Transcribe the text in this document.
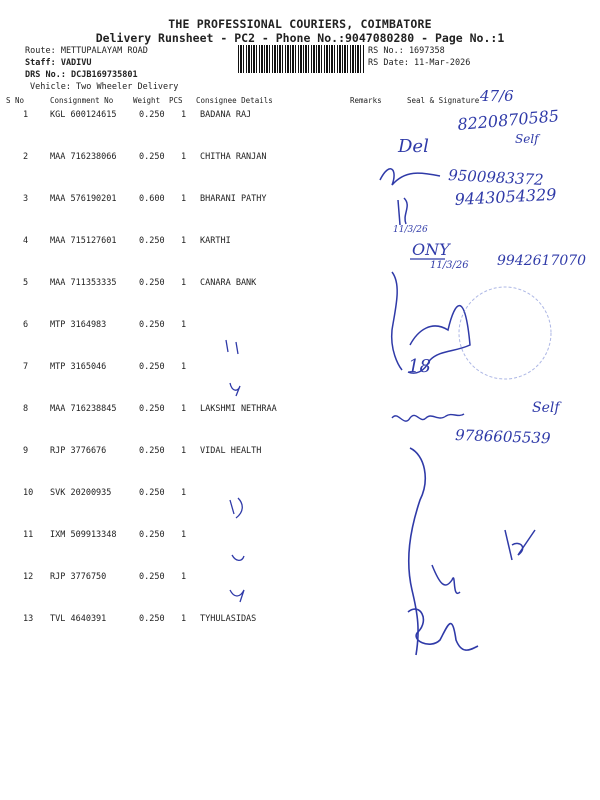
THE PROFESSIONAL COURIERS, COIMBATORE
Delivery Runsheet - PC2 - Phone No.:9047080280 - Page No.:1
Route: METTUPALAYAM ROAD
Staff: VADIVU
DRS No.: DCJB169735801
Vehicle: Two Wheeler Delivery
RS No.: 1697358
RS Date: 11-Mar-2026
S No	Consignment No	Weight PCS Consignee Details	Remarks	Seal & Signature
1	KGL 600124615	0.250 1 BADANA RAJ
2	MAA 716238066	0.250 1 CHITHA RANJAN
3	MAA 576190201	0.600 1 BHARANI PATHY
4	MAA 715127601	0.250 1 KARTHI
5	MAA 711353335	0.250 1 CANARA BANK
6	MTP 3164983	0.250 1
7	MTP 3165046	0.250 1
8	MAA 716238845	0.250 1 LAKSHMI NETHRAA
9	RJP 3776676	0.250 1 VIDAL HEALTH
10 SVK 20200935	0.250 1
11 IXM 509913348	0.250 1
12 RJP 3776750	0.250 1
13 TVL 4640391	0.250 1 TYHULASIDAS
47/6
8220870585
Self
Del
9500983372
9443054329
11/3/26
ONY
11/3/26 9942617070
18
Self
9786605539
